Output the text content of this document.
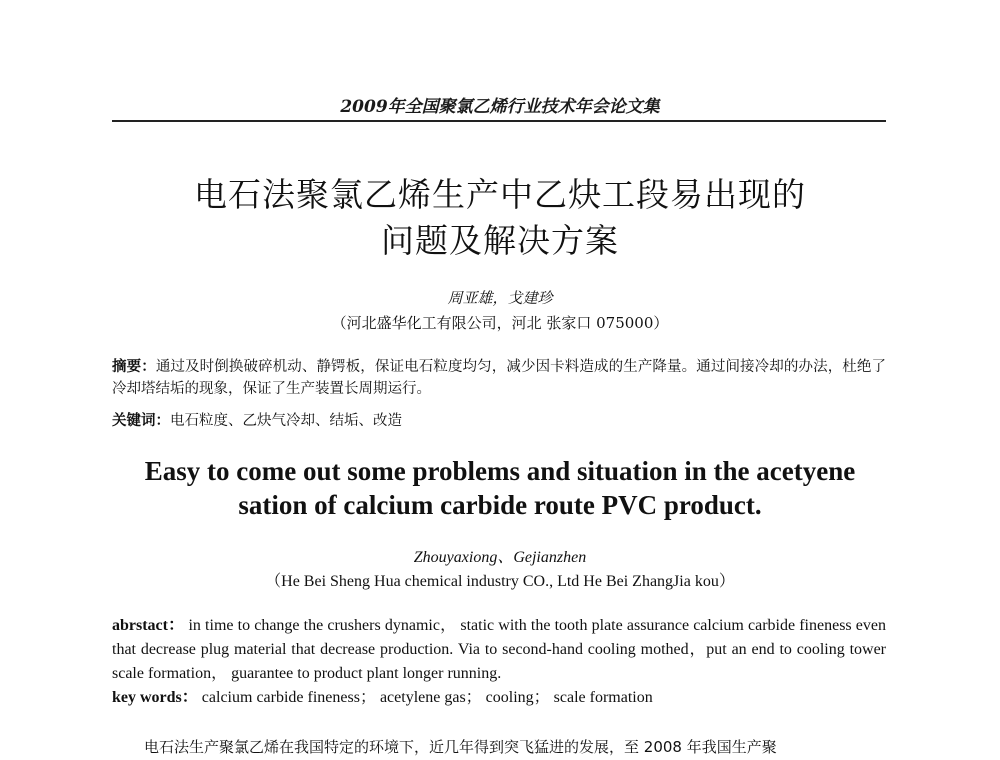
2009年全国聚氯乙烯行业技术年会论文集
电石法聚氯乙烯生产中乙炔工段易出现的
问题及解决方案
周亚雄，戈建珍
（河北盛华化工有限公司，河北 张家口 075000）
摘要：通过及时倒换破碎机动、静锷板，保证电石粒度均匀，减少因卡料造成的生产降量。通过间接冷却的办法，杜绝了冷却塔结垢的现象，保证了生产装置长周期运行。
关键词：电石粒度、乙炔气冷却、结垢、改造
Easy to come out some problems and situation in the acetyene
sation of calcium carbide route PVC product.
Zhouyaxiong、Gejianzhen
（He Bei Sheng Hua chemical industry CO., Ltd He Bei ZhangJia kou）
abrstact： in time to change the crushers dynamic， static with the tooth plate assurance calcium carbide fineness even that decrease plug material that decrease production. Via to second-hand cooling mothed，put an end to cooling tower scale formation， guarantee to product plant longer running.
key words： calcium carbide fineness； acetylene gas； cooling； scale formation
电石法生产聚氯乙烯在我国特定的环境下，近几年得到突飞猛进的发展，至 2008 年我国生产聚
